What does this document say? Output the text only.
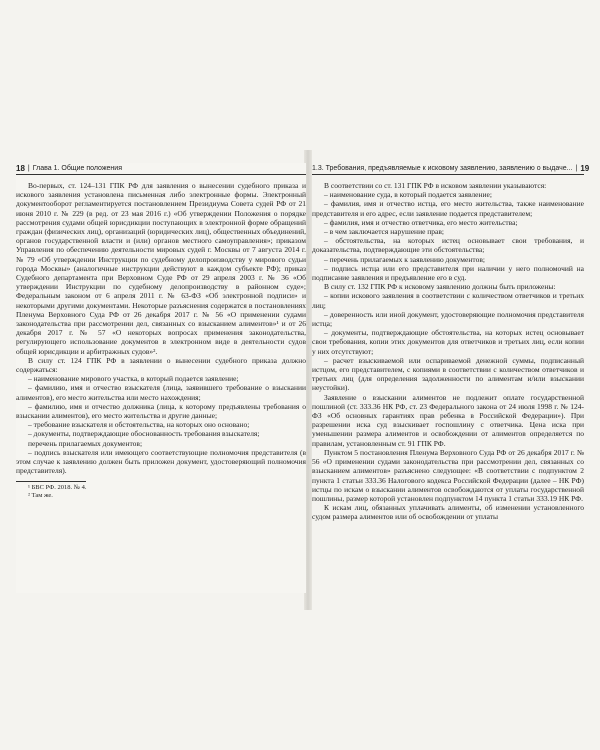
18 | Глава 1. Общие положения

Во-первых, ст. 124–131 ГПК РФ для заявления о вынесении судебного приказа и искового заявления установлена письменная либо электронные формы. Электронный документооборот регламентируется постановлением Президиума Совета судей РФ от 21 июня 2010 г. № 229 (в ред. от 23 мая 2016 г.) «Об утверждении Положения о порядке рассмотрения судами общей юрисдикции поступающих в электронной форме обращений граждан (физических лиц), организаций (юридических лиц), общественных объединений, органов государственной власти и (или) органов местного самоуправления»; приказом Управления по обеспечению деятельности мировых судей г. Москвы от 7 августа 2014 г. № 79 «Об утверждении Инструкции по судебному делопроизводству у мирового судьи города Москвы» (аналогичные инструкции действуют в каждом субъекте РФ); приказ Судебного департамента при Верховном Суде РФ от 29 апреля 2003 г. № 36 «Об утверждении Инструкции по судебному делопроизводству в районном суде»; Федеральным законом от 6 апреля 2011 г. № 63-ФЗ «Об электронной подписи» и некоторыми другими документами. Некоторые разъяснения содержатся в постановлениях Пленума Верховного Суда РФ от 26 декабря 2017 г. № 56 «О применении судами законодательства при рассмотрении дел, связанных со взысканием алиментов»¹ и от 26 декабря 2017 г. № 57 «О некоторых вопросах применения законодательства, регулирующего использование документов в электронном виде в деятельности судов общей юрисдикции и арбитражных судов»².

В силу ст. 124 ГПК РФ в заявлении о вынесении судебного приказа должно содержаться:

– наименование мирового участка, в который подается заявление;

– фамилию, имя и отчество взыскателя (лица, заявившего требование о взыскании алиментов), его место жительства или место нахождения;

– фамилию, имя и отчество должника (лица, к которому предъявлены требования о взыскании алиментов), его место жительства и другие данные;

– требование взыскателя и обстоятельства, на которых оно основано;

– документы, подтверждающие обоснованность требования взыскателя;

перечень прилагаемых документов;

– подпись взыскателя или имеющего соответствующие полномочия представителя (в этом случае к заявлению должен быть приложен документ, удостоверяющий полномочия представителя).

¹ БВС РФ. 2018. № 4.

² Там же.

1.3. Требования, предъявляемые к исковому заявлению, заявлению о выдаче... | 19

В соответствии со ст. 131 ГПК РФ в исковом заявлении указываются:

– наименование суда, в который подается заявление;

– фамилия, имя и отчество истца, его место жительства, также наименование представителя и его адрес, если заявление подается представителем;

– фамилия, имя и отчество ответчика, его место жительства;

– в чем заключается нарушение прав;

– обстоятельства, на которых истец основывает свои требования, и доказательства, подтверждающие эти обстоятельства;

– перечень прилагаемых к заявлению документов;

– подпись истца или его представителя при наличии у него полномочий на подписание заявления и предъявление его в суд.

В силу ст. 132 ГПК РФ к исковому заявлению должны быть приложены:

– копии искового заявления в соответствии с количеством ответчиков и третьих лиц;

– доверенность или иной документ, удостоверяющие полномочия представителя истца;

– документы, подтверждающие обстоятельства, на которых истец основывает свои требования, копии этих документов для ответчиков и третьих лиц, если копии у них отсутствуют;

– расчет взыскиваемой или оспариваемой денежной суммы, подписанный истцом, его представителем, с копиями в соответствии с количеством ответчиков и третьих лиц (для определения задолженности по алиментам и/или взыскании неустойки).

Заявление о взыскании алиментов не подлежит оплате государственной пошлиной (ст. 333.36 НК РФ, ст. 23 Федерального закона от 24 июля 1998 г. № 124-ФЗ «Об основных гарантиях прав ребенка в Российской Федерации»). При разрешении иска суд взыскивает госпошлину с ответчика. Цена иска при уменьшении размера алиментов и освобождении от алиментов определяется по правилам, установленным ст. 91 ГПК РФ.

Пунктом 5 постановления Пленума Верховного Суда РФ от 26 декабря 2017 г. № 56 «О применении судами законодательства при рассмотрении дел, связанных со взысканием алиментов» разъяснено следующее: «В соответствии с подпунктом 2 пункта 1 статьи 333.36 Налогового кодекса Российской Федерации (далее – НК РФ) истцы по искам о взыскании алиментов освобождаются от уплаты государственной пошлины, размер которой установлен подпунктом 14 пункта 1 статьи 333.19 НК РФ.

К искам лиц, обязанных уплачивать алименты, об изменении установленного судом размера алиментов или об освобождении от уплаты
